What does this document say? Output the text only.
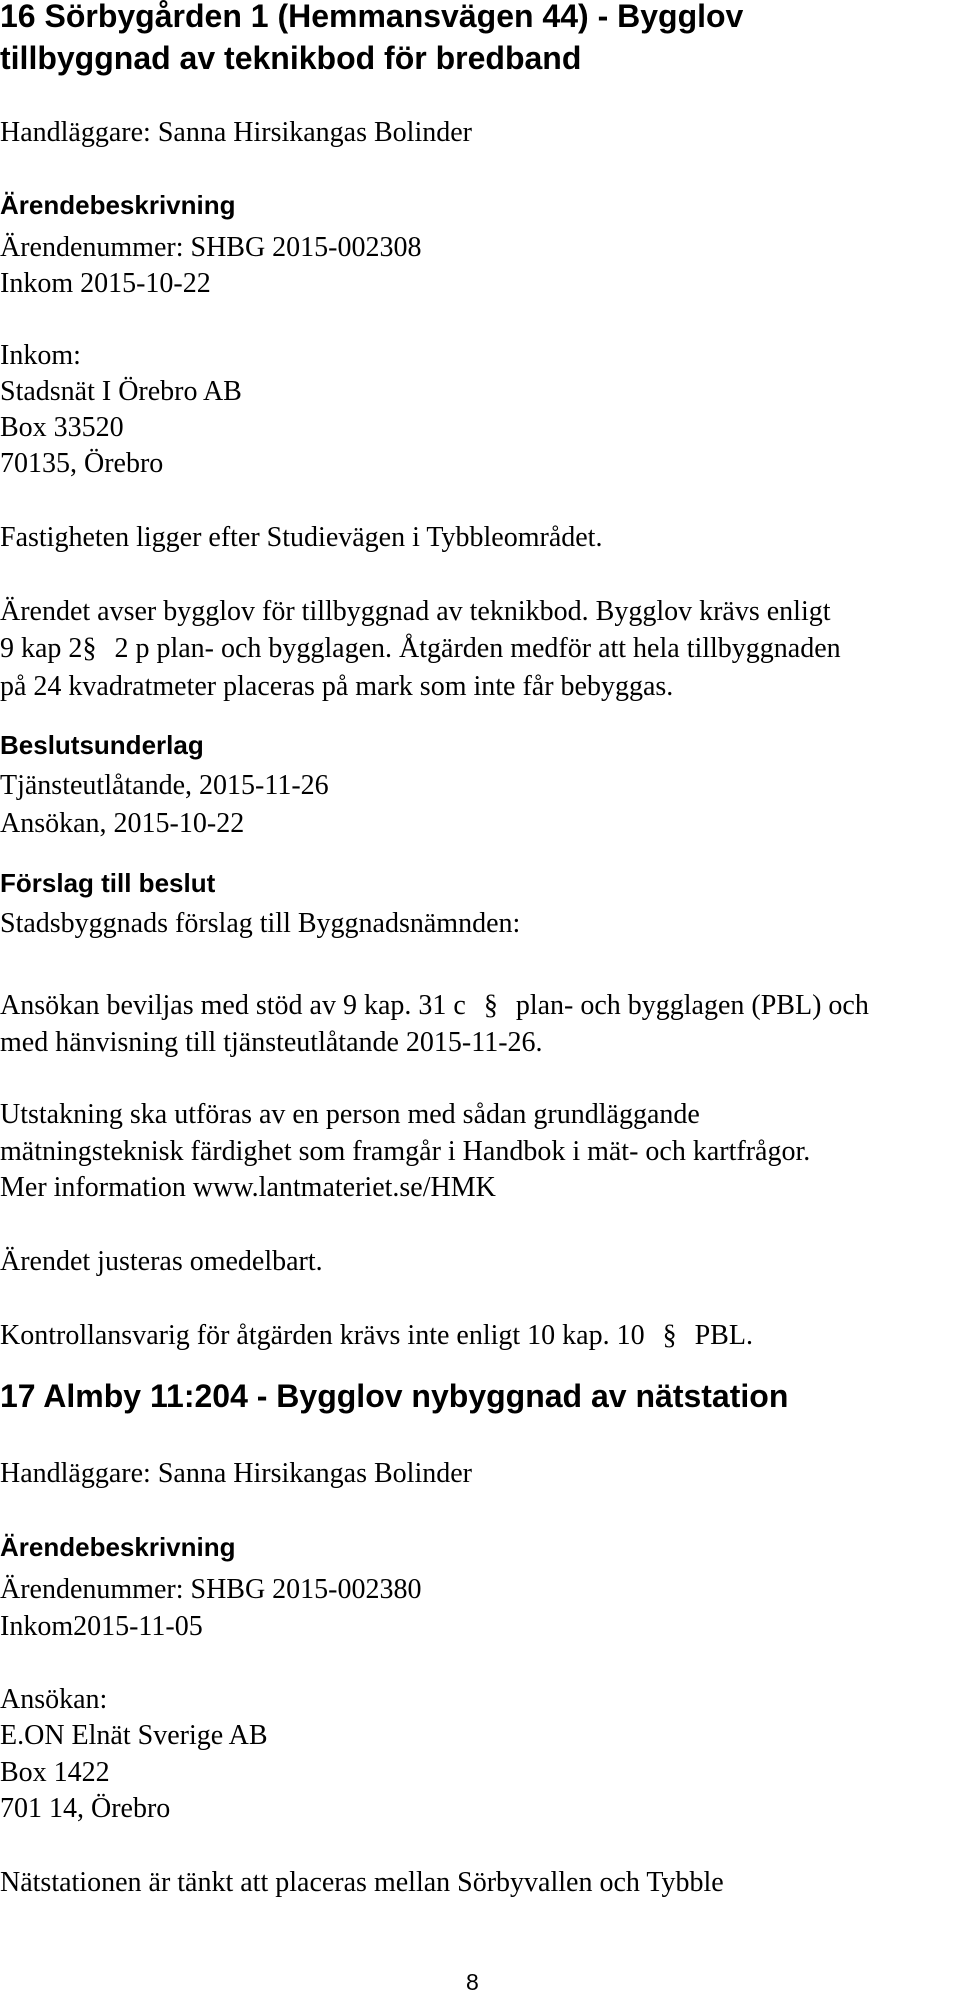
16 Sörbygården 1 (Hemmansvägen 44) - Bygglov
tillbyggnad av teknikbod för bredband
Handläggare: Sanna Hirsikangas Bolinder
Ärendebeskrivning
Ärendenummer: SHBG 2015-002308
Inkom 2015-10-22
Inkom:
Stadsnät I Örebro AB
Box 33520
70135, Örebro
Fastigheten ligger efter Studievägen i Tybbleområdet.
Ärendet avser bygglov för tillbyggnad av teknikbod. Bygglov krävs enligt
9 kap 2§ 2 p plan- och bygglagen. Åtgärden medför att hela tillbyggnaden
på 24 kvadratmeter placeras på mark som inte får bebyggas.
Beslutsunderlag
Tjänsteutlåtande, 2015-11-26
Ansökan, 2015-10-22
Förslag till beslut
Stadsbyggnads förslag till Byggnadsnämnden:
Ansökan beviljas med stöd av 9 kap. 31 c § plan- och bygglagen (PBL) och
med hänvisning till tjänsteutlåtande 2015-11-26.
Utstakning ska utföras av en person med sådan grundläggande
mätningsteknisk färdighet som framgår i Handbok i mät- och kartfrågor.
Mer information www.lantmateriet.se/HMK
Ärendet justeras omedelbart.
Kontrollansvarig för åtgärden krävs inte enligt 10 kap. 10 § PBL.
17 Almby 11:204 - Bygglov nybyggnad av nätstation
Handläggare: Sanna Hirsikangas Bolinder
Ärendebeskrivning
Ärendenummer: SHBG 2015-002380
Inkom2015-11-05
Ansökan:
E.ON Elnät Sverige AB
Box 1422
701 14, Örebro
Nätstationen är tänkt att placeras mellan Sörbyvallen och Tybble
8
